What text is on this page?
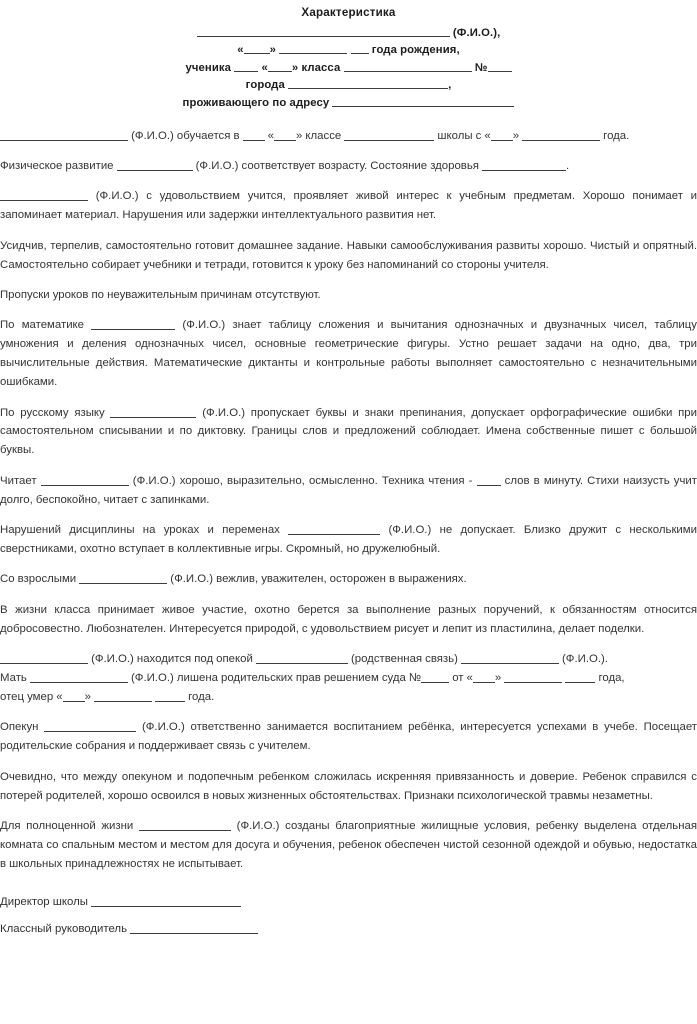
Характеристика
(Ф.И.О.),
« »	года рождения,
ученика  « » класса	№
города	,
проживающего по адресу

(Ф.И.О.) обучается в  « » классе	школы с « »	года.

Физическое развитие	(Ф.И.О.) соответствует возрасту. Состояние здоровья	.

(Ф.И.О.) с удовольствием учится, проявляет живой интерес к учебным предметам. Хорошо понимает и запоминает материал. Нарушения или задержки интеллектуального развития нет.

Усидчив, терпелив, самостоятельно готовит домашнее задание. Навыки самообслуживания развиты хорошо. Чистый и опрятный. Самостоятельно собирает учебники и тетради, готовится к уроку без напоминаний со стороны учителя.

Пропуски уроков по неуважительным причинам отсутствуют.

По математике	(Ф.И.О.) знает таблицу сложения и вычитания однозначных и двузначных чисел, таблицу умножения и деления однозначных чисел, основные геометрические фигуры. Устно решает задачи на одно, два, три вычислительные действия. Математические диктанты и контрольные работы выполняет самостоятельно с незначительными ошибками.

По русскому языку	(Ф.И.О.) пропускает буквы и знаки препинания, допускает орфографические ошибки при самостоятельном списывании и по диктовку. Границы слов и предложений соблюдает. Имена собственные пишет с большой буквы.

Читает	(Ф.И.О.) хорошо, выразительно, осмысленно. Техника чтения -  слов в минуту. Стихи наизусть учит долго, беспокойно, читает с запинками.

Нарушений дисциплины на уроках и переменах	(Ф.И.О.) не допускает. Близко дружит с несколькими сверстниками, охотно вступает в коллективные игры. Скромный, но дружелюбный.

Со взрослыми	(Ф.И.О.) вежлив, уважителен, осторожен в выражениях.

В жизни класса принимает живое участие, охотно берется за выполнение разных поручений, к обязанностям относится добросовестно. Любознателен. Интересуется природой, с удовольствием рисует и лепит из пластилина, делает поделки.

(Ф.И.О.) находится под опекой	(родственная связь)	(Ф.И.О.).
Мать	(Ф.И.О.) лишена родительских прав решением суда № от « »	года,
отец умер « »	года.

Опекун	(Ф.И.О.) ответственно занимается воспитанием ребёнка, интересуется успехами в учебе. Посещает родительские собрания и поддерживает связь с учителем.

Очевидно, что между опекуном и подопечным ребенком сложилась искренняя привязанность и доверие. Ребенок справился с потерей родителей, хорошо освоился в новых жизненных обстоятельствах. Признаки психологической травмы незаметны.

Для полноценной жизни	(Ф.И.О.) созданы благоприятные жилищные условия, ребенку выделена отдельная комната со спальным местом и местом для досуга и обучения, ребенок обеспечен чистой сезонной одеждой и обувью, недостатка в школьных принадлежностях не испытывает.

Директор школы
Классный руководитель
